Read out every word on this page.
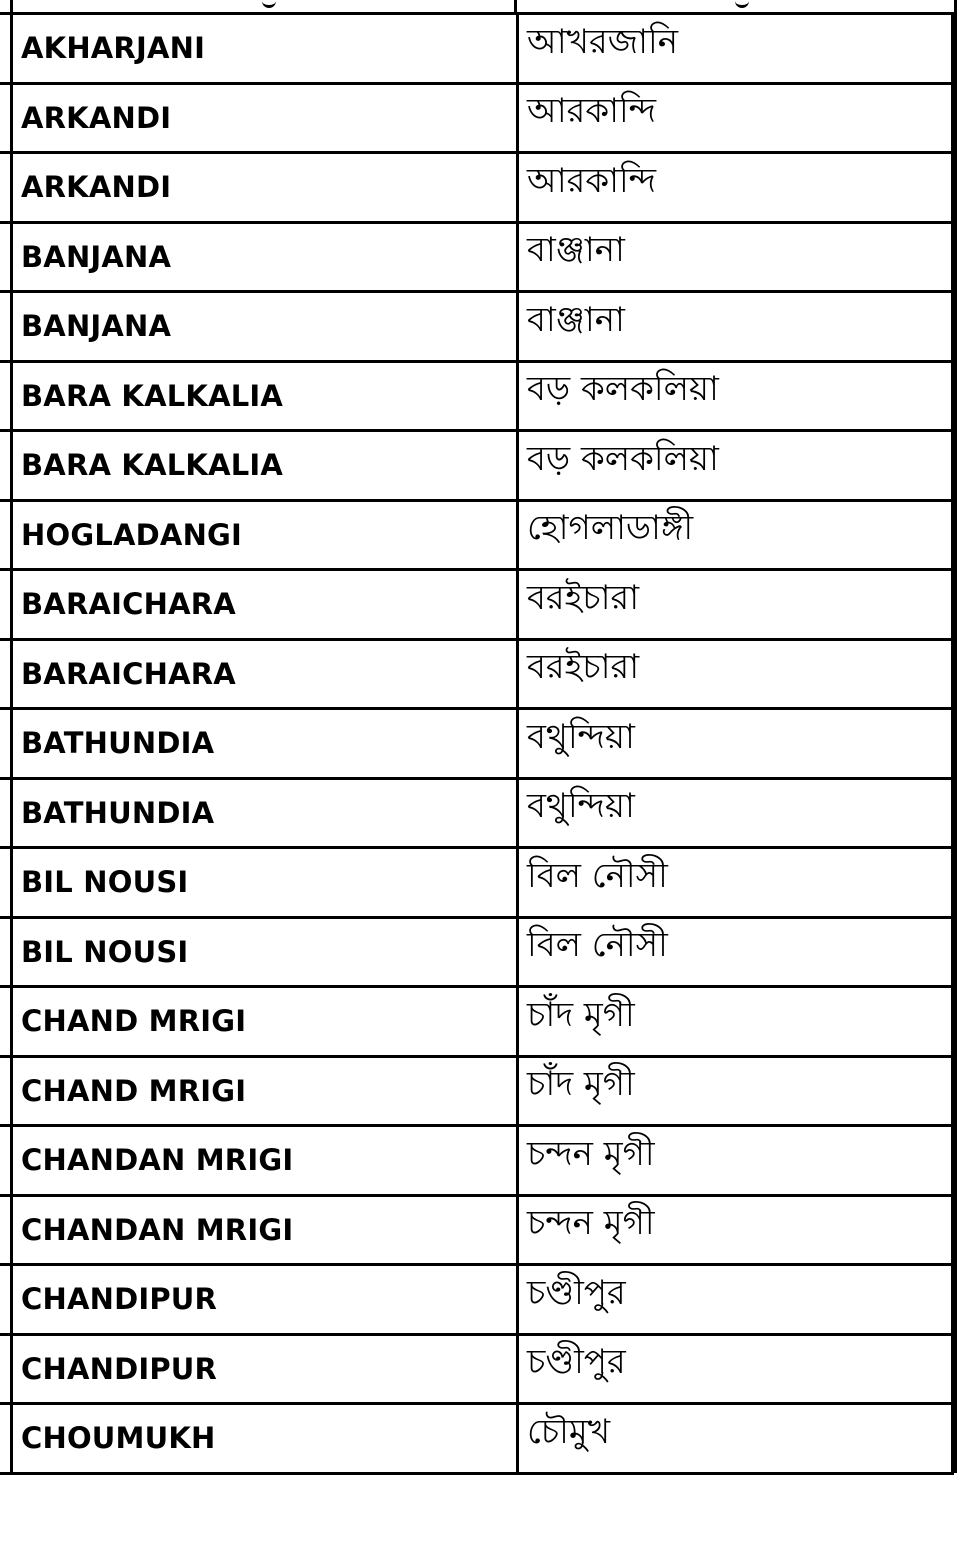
AKHARJANI	আখরজানি
ARKANDI	আরকান্দি
ARKANDI	আরকান্দি
BANJANA	বাঞ্জানা
BANJANA	বাঞ্জানা
BARA KALKALIA	বড় কলকলিয়া
BARA KALKALIA	বড় কলকলিয়া
HOGLADANGI	হোগলাডাঙ্গী
BARAICHARA	বরইচারা
BARAICHARA	বরইচারা
BATHUNDIA	বথুন্দিয়া
BATHUNDIA	বথুন্দিয়া
BIL NOUSI	বিল নৌসী
BIL NOUSI	বিল নৌসী
CHAND MRIGI	চাঁদ মৃগী
CHAND MRIGI	চাঁদ মৃগী
CHANDAN MRIGI	চন্দন মৃগী
CHANDAN MRIGI	চন্দন মৃগী
CHANDIPUR	চণ্ডীপুর
CHANDIPUR	চণ্ডীপুর
CHOUMUKH	চৌমুখ
